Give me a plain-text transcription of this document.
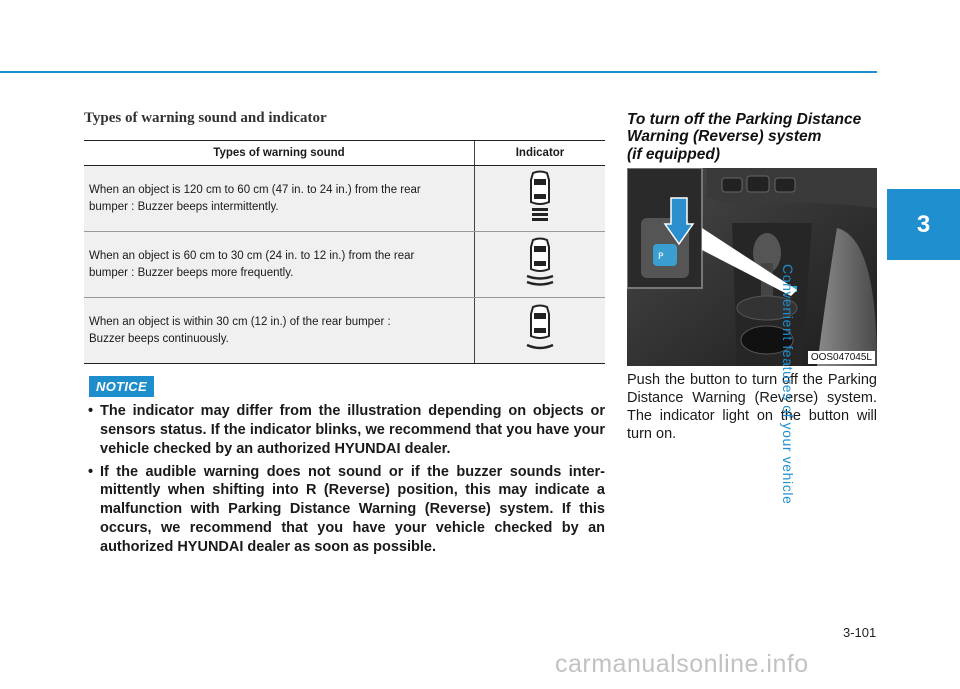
Types of warning sound and indicator
Types of warning sound	Indicator
When an object is 120 cm to 60 cm (47 in. to 24 in.) from the rear
bumper : Buzzer beeps intermittently.	
When an object is 60 cm to 30 cm (24 in. to 12 in.) from the rear
bumper : Buzzer beeps more frequently.	
When an object is within 30 cm (12 in.) of the rear bumper :
Buzzer beeps continuously.	
NOTICE
• The indicator may differ from the illustration depending on objects or sensors status. If the indicator blinks, we recommend that you have your vehicle checked by an authorized HYUNDAI dealer.
• If the audible warning does not sound or if the buzzer sounds inter-mittently when shifting into R (Reverse) position, this may indicate a malfunction with Parking Distance Warning (Reverse) system. If this occurs, we recommend that you have your vehicle checked by an authorized HYUNDAI dealer as soon as possible.
To turn off the Parking Distance
Warning (Reverse) system
(if equipped)
P
OOS047045L
Push the button to turn off the Parking Distance Warning (Reverse) system. The indicator light on the button will turn on.
3
Convenient features of your vehicle
3-101
carmanualsonline.info
